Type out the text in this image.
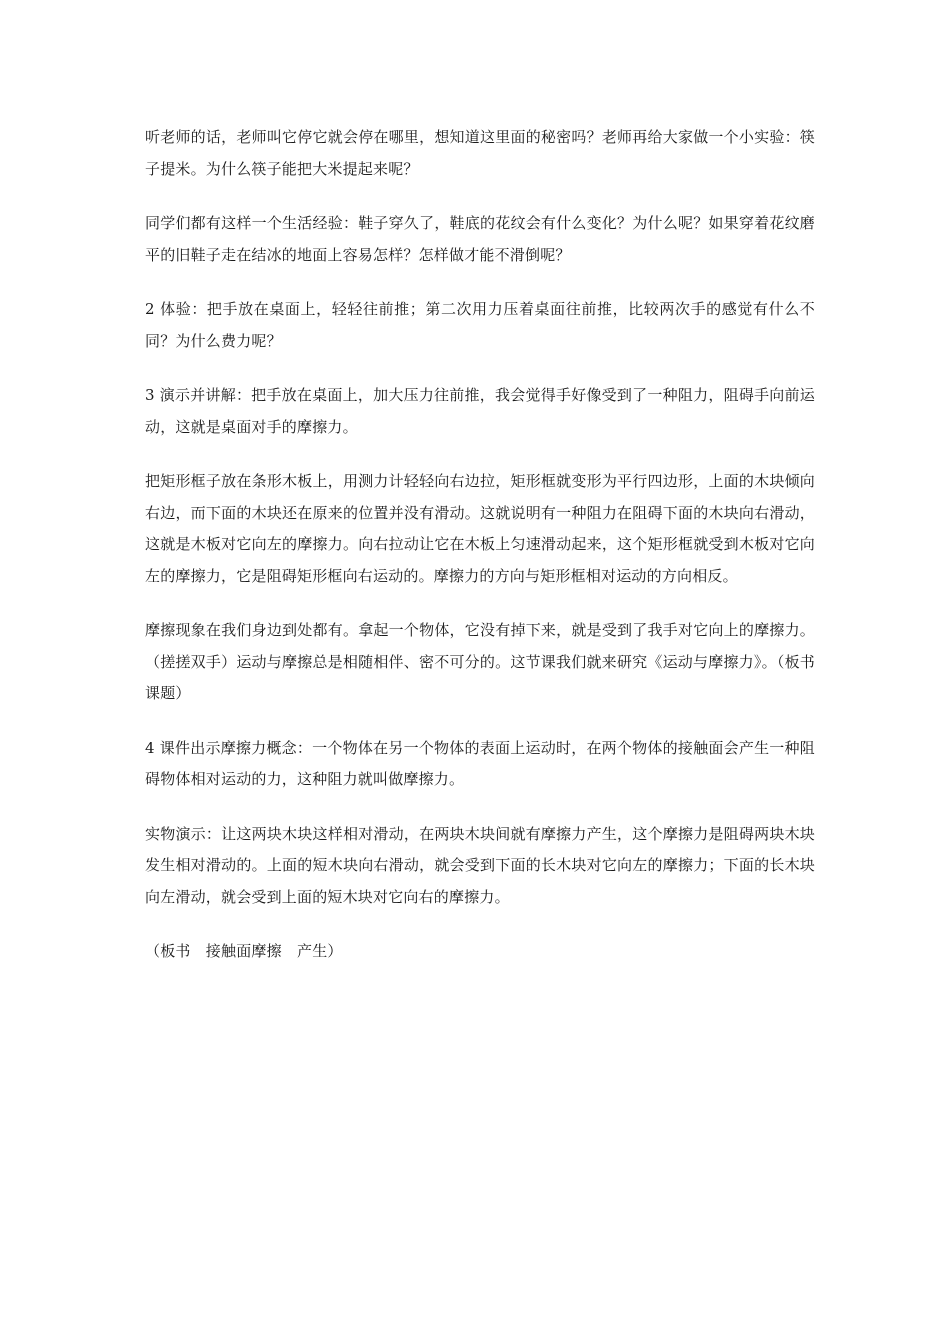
听老师的话，老师叫它停它就会停在哪里，想知道这里面的秘密吗？老师再给大家做一个小实验：筷子提米。为什么筷子能把大米提起来呢？

同学们都有这样一个生活经验：鞋子穿久了，鞋底的花纹会有什么变化？为什么呢？如果穿着花纹磨平的旧鞋子走在结冰的地面上容易怎样？怎样做才能不滑倒呢？

2 体验：把手放在桌面上，轻轻往前推；第二次用力压着桌面往前推，比较两次手的感觉有什么不同？为什么费力呢？

3 演示并讲解：把手放在桌面上，加大压力往前推，我会觉得手好像受到了一种阻力，阻碍手向前运动，这就是桌面对手的摩擦力。

把矩形框子放在条形木板上，用测力计轻轻向右边拉，矩形框就变形为平行四边形，上面的木块倾向右边，而下面的木块还在原来的位置并没有滑动。这就说明有一种阻力在阻碍下面的木块向右滑动，这就是木板对它向左的摩擦力。向右拉动让它在木板上匀速滑动起来，这个矩形框就受到木板对它向左的摩擦力，它是阻碍矩形框向右运动的。摩擦力的方向与矩形框相对运动的方向相反。

摩擦现象在我们身边到处都有。拿起一个物体，它没有掉下来，就是受到了我手对它向上的摩擦力。（搓搓双手）运动与摩擦总是相随相伴、密不可分的。这节课我们就来研究《运动与摩擦力》。（板书课题）

4 课件出示摩擦力概念：一个物体在另一个物体的表面上运动时，在两个物体的接触面会产生一种阻碍物体相对运动的力，这种阻力就叫做摩擦力。

实物演示：让这两块木块这样相对滑动，在两块木块间就有摩擦力产生，这个摩擦力是阻碍两块木块发生相对滑动的。上面的短木块向右滑动，就会受到下面的长木块对它向左的摩擦力；下面的长木块向左滑动，就会受到上面的短木块对它向右的摩擦力。

（板书　接触面摩擦　产生）
